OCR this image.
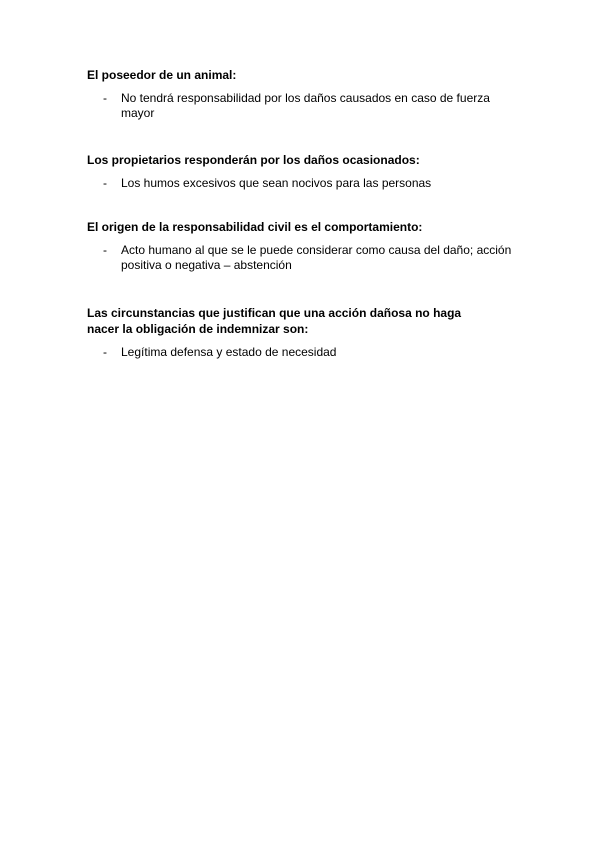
El poseedor de un animal:

- No tendrá responsabilidad por los daños causados en caso de fuerza mayor

Los propietarios responderán por los daños ocasionados:

- Los humos excesivos que sean nocivos para las personas

El origen de la responsabilidad civil es el comportamiento:

- Acto humano al que se le puede considerar como causa del daño; acción positiva o negativa – abstención

Las circunstancias que justifican que una acción dañosa no haga nacer la obligación de indemnizar son:

- Legítima defensa y estado de necesidad
